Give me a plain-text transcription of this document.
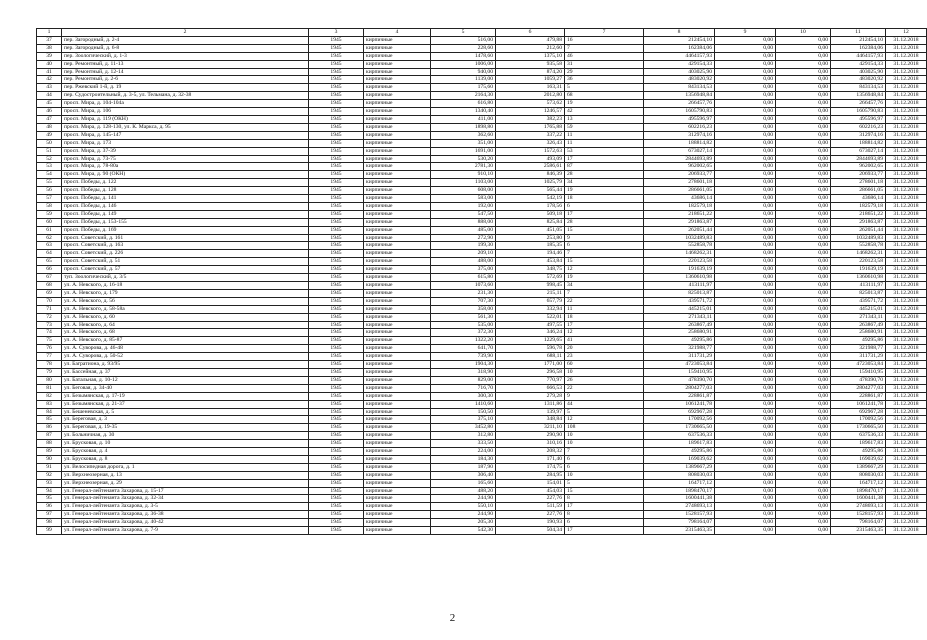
1	2	3	4	5	6	7	8	9	10	11	12
37	пер. Загородный, д. 2-4	1945	кирпичные	516,00	479,88	16	212454,10	0,00	0,00	212454,10	31.12.2018
38	пер. Загородный, д. 6-8	1945	кирпичные	228,60	212,60	7	162384,06	0,00	0,00	162384,06	31.12.2018
39	пер. Зоологический, д. 1-3	1945	кирпичные	1478,60	1375,10	46	4464157,93	0,00	0,00	4464157,93	31.12.2018
40	пер. Ремонтный, д. 11-13	1945	кирпичные	1006,00	935,58	31	429154,33	0,00	0,00	429154,33	31.12.2018
41	пер. Ремонтный, д. 12-14	1945	кирпичные	940,00	874,20	29	403025,90	0,00	0,00	403025,90	31.12.2018
42	пер. Ремонтный, д. 2-6	1945	кирпичные	1139,00	1059,27	36	483020,92	0,00	0,00	483020,92	31.12.2018
43	пер. Ржевский 1-й, д. 19	1945	кирпичные	175,60	163,31	5	843134,53	0,00	0,00	843134,53	31.12.2018
44	пер. Судостроительный, д. 3-5, ул. Тельмана, д. 32-38	1945	кирпичные	2164,30	2012,80	68	1356948,84	0,00	0,00	1356948,84	31.12.2018
45	просп. Мира, д. 104-104а	1945	кирпичные	616,80	573,62	19	266457,76	0,00	0,00	266457,76	31.12.2018
46	просп. Мира, д. 106	1945	кирпичные	1340,40	1246,57	42	1605790,83	0,00	0,00	1605790,83	31.12.2018
47	просп. Мира, д. 119 (ОКН)	1945	кирпичные	411,00	382,23	13	495596,97	0,00	0,00	495596,97	31.12.2018
48	просп. Мира, д. 128-130, ул. К. Маркса, д. 95	1945	кирпичные	1898,80	1765,88	59	602216,23	0,00	0,00	602216,23	31.12.2018
49	просп. Мира, д. 145-147	1945	кирпичные	362,60	337,22	11	312974,16	0,00	0,00	312974,16	31.12.2018
50	просп. Мира, д. 173	1945	кирпичные	351,00	326,43	11	188814,82	0,00	0,00	188814,82	31.12.2018
51	просп. Мира, д. 37-39	1945	кирпичные	1691,00	1572,63	53	673027,14	0,00	0,00	673027,14	31.12.2018
52	просп. Мира, д. 73-75	1945	кирпичные	530,20	493,09	17	2844693,89	0,00	0,00	2844693,89	31.12.2018
53	просп. Мира, д. 78-80а	1945	кирпичные	2781,30	2586,61	87	962002,65	0,00	0,00	962002,65	31.12.2018
54	просп. Мира, д. 90 (ОКН)	1945	кирпичные	910,10	846,39	28	206933,77	0,00	0,00	206933,77	31.12.2018
55	просп. Победы, д. 122	1945	кирпичные	1103,00	1025,79	34	278601,18	0,00	0,00	278601,18	31.12.2018
56	просп. Победы, д. 128	1945	кирпичные	608,00	565,44	19	286661,05	0,00	0,00	286661,05	31.12.2018
57	просп. Победы, д. 141	1945	кирпичные	583,00	542,19	18	43686,14	0,00	0,00	43686,14	31.12.2018
58	просп. Победы, д. 146	1945	кирпичные	192,00	178,56	6	182579,18	0,00	0,00	182579,18	31.12.2018
59	просп. Победы, д. 149	1945	кирпичные	547,50	509,18	17	218651,22	0,00	0,00	218651,22	31.12.2018
60	просп. Победы, д. 153-155	1945	кирпичные	888,00	825,84	28	291863,87	0,00	0,00	291863,87	31.12.2018
61	просп. Победы, д. 169	1945	кирпичные	485,00	451,05	15	262051,44	0,00	0,00	262051,44	31.12.2018
62	просп. Советский, д. 161	1945	кирпичные	272,90	253,80	9	1032489,83	0,00	0,00	1032489,83	31.12.2018
63	просп. Советский, д. 163	1945	кирпичные	199,30	185,35	6	552858,78	0,00	0,00	552858,78	31.12.2018
64	просп. Советский, д. 226	1945	кирпичные	209,10	194,46	7	1468262,31	0,00	0,00	1468262,31	31.12.2018
65	просп. Советский, д. 51	1945	кирпичные	488,00	453,84	15	220123,58	0,00	0,00	220123,58	31.12.2018
66	просп. Советский, д. 57	1945	кирпичные	375,00	348,75	12	191639,19	0,00	0,00	191639,19	31.12.2018
67	туп. Зоологический, д. 3/5	1945	кирпичные	615,80	572,69	19	1360610,98	0,00	0,00	1360610,98	31.12.2018
68	ул. А. Невского, д. 16-18	1945	кирпичные	1073,60	998,45	34	413111,97	0,00	0,00	413111,97	31.12.2018
69	ул. А. Невского, д. 179	1945	кирпичные	231,30	215,11	7	825013,87	0,00	0,00	825013,87	31.12.2018
70	ул. А. Невского, д. 56	1945	кирпичные	707,30	657,79	22	439571,72	0,00	0,00	439571,72	31.12.2018
71	ул. А. Невского, д. 58-58а	1945	кирпичные	358,00	332,94	11	445215,01	0,00	0,00	445215,01	31.12.2018
72	ул. А. Невского, д. 60	1945	кирпичные	561,30	522,01	18	271343,11	0,00	0,00	271343,11	31.12.2018
73	ул. А. Невского, д. 64	1945	кирпичные	535,00	497,55	17	263867,49	0,00	0,00	263867,49	31.12.2018
74	ул. А. Невского, д. 68	1945	кирпичные	372,30	346,24	12	258680,91	0,00	0,00	258680,91	31.12.2018
75	ул. А. Невского, д. 85-87	1945	кирпичные	1322,20	1229,65	41	49295,86	0,00	0,00	49295,86	31.12.2018
76	ул. А. Суворова, д. 46-48	1945	кирпичные	641,70	596,78	20	321988,77	0,00	0,00	321988,77	31.12.2018
77	ул. А. Суворова, д. 50-52	1945	кирпичные	739,90	688,11	23	311731,29	0,00	0,00	311731,29	31.12.2018
78	ул. Багратиона, д. 93/95	1945	кирпичные	1904,30	1771,00	60	4723053,84	0,00	0,00	4723053,84	31.12.2018
79	ул. Бассейная, д. 37	1945	кирпичные	318,90	296,58	10	159410,95	0,00	0,00	159410,95	31.12.2018
80	ул. Батальная, д. 10-12	1945	кирпичные	829,00	770,97	26	478390,70	0,00	0,00	478390,70	31.12.2018
81	ул. Беговая, д. 34-40	1945	кирпичные	716,70	666,53	22	2804277,03	0,00	0,00	2804277,03	31.12.2018
82	ул. Безымянская, д. 17-19	1945	кирпичные	300,30	279,28	9	228861,87	0,00	0,00	228861,87	31.12.2018
83	ул. Безымянская, д. 21-37	1945	кирпичные	1410,60	1311,86	44	1061241,78	0,00	0,00	1061241,78	31.12.2018
84	ул. Бешеневская, д. 5	1945	кирпичные	150,50	139,97	5	692967,28	0,00	0,00	692967,28	31.12.2018
85	ул. Береговая, д. 3	1945	кирпичные	375,10	348,84	12	170092,56	0,00	0,00	170092,56	31.12.2018
86	ул. Береговая, д. 19-35	1945	кирпичные	3452,80	3211,10	108	1730665,50	0,00	0,00	1730665,50	31.12.2018
87	ул. Больничная, д. 30	1945	кирпичные	312,80	290,90	10	637536,33	0,00	0,00	637536,33	31.12.2018
88	ул. Брусковая, д. 10	1945	кирпичные	333,50	310,16	10	189617,83	0,00	0,00	189617,83	31.12.2018
89	ул. Брусковая, д. 4	1945	кирпичные	224,00	208,32	7	49295,86	0,00	0,00	49295,86	31.12.2018
90	ул. Брусковая, д. 8	1945	кирпичные	184,30	171,40	6	169039,62	0,00	0,00	169039,62	31.12.2018
91	ул. Велосипедная дорога, д. 1	1945	кирпичные	187,90	174,75	6	1389667,29	0,00	0,00	1389667,29	31.12.2018
92	ул. Верхнеозерная, д. 13	1945	кирпичные	306,40	284,95	10	808030,03	0,00	0,00	808030,03	31.12.2018
93	ул. Верхнеозерная, д. 29	1945	кирпичные	165,60	154,01	5	164717,12	0,00	0,00	164717,12	31.12.2018
94	ул. Генерал-лейтенанта Захарова, д. 15-17	1945	кирпичные	488,20	454,03	15	1898470,17	0,00	0,00	1898470,17	31.12.2018
95	ул. Генерал-лейтенанта Захарова, д. 32-34	1945	кирпичные	244,90	227,76	8	1600441,38	0,00	0,00	1600441,38	31.12.2018
96	ул. Генерал-лейтенанта Захарова, д. 3-5	1945	кирпичные	550,10	511,59	17	2748693,13	0,00	0,00	2748693,13	31.12.2018
97	ул. Генерал-лейтенанта Захарова, д. 36-38	1945	кирпичные	244,90	227,76	8	1528157,93	0,00	0,00	1528157,93	31.12.2018
98	ул. Генерал-лейтенанта Захарова, д. 40-42	1945	кирпичные	205,30	190,93	6	798164,07	0,00	0,00	798164,07	31.12.2018
99	ул. Генерал-лейтенанта Захарова, д. 7-9	1945	кирпичные	542,30	504,34	17	2315463,35	0,00	0,00	2315463,35	31.12.2018
2
